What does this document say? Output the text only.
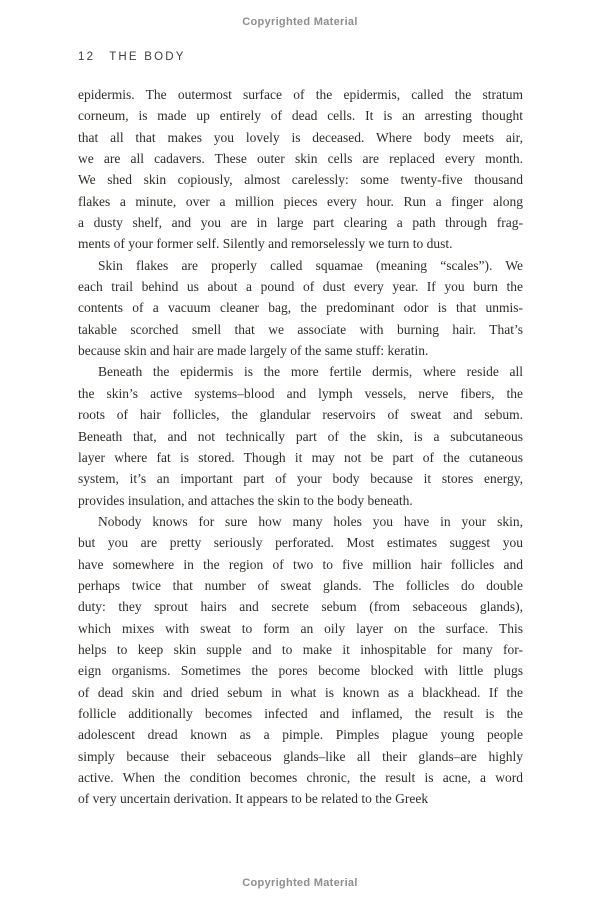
Copyrighted Material
12 THE BODY

epidermis. The outermost surface of the epidermis, called the stratum
corneum, is made up entirely of dead cells. It is an arresting thought
that all that makes you lovely is deceased. Where body meets air,
we are all cadavers. These outer skin cells are replaced every month.
We shed skin copiously, almost carelessly: some twenty-five thousand
flakes a minute, over a million pieces every hour. Run a finger along
a dusty shelf, and you are in large part clearing a path through frag-
ments of your former self. Silently and remorselessly we turn to dust.

Skin flakes are properly called squamae (meaning “scales”). We
each trail behind us about a pound of dust every year. If you burn the
contents of a vacuum cleaner bag, the predominant odor is that unmis-
takable scorched smell that we associate with burning hair. That’s
because skin and hair are made largely of the same stuff: keratin.

Beneath the epidermis is the more fertile dermis, where reside all
the skin’s active systems–blood and lymph vessels, nerve fibers, the
roots of hair follicles, the glandular reservoirs of sweat and sebum.
Beneath that, and not technically part of the skin, is a subcutaneous
layer where fat is stored. Though it may not be part of the cutaneous
system, it’s an important part of your body because it stores energy,
provides insulation, and attaches the skin to the body beneath.

Nobody knows for sure how many holes you have in your skin,
but you are pretty seriously perforated. Most estimates suggest you
have somewhere in the region of two to five million hair follicles and
perhaps twice that number of sweat glands. The follicles do double
duty: they sprout hairs and secrete sebum (from sebaceous glands),
which mixes with sweat to form an oily layer on the surface. This
helps to keep skin supple and to make it inhospitable for many for-
eign organisms. Sometimes the pores become blocked with little plugs
of dead skin and dried sebum in what is known as a blackhead. If the
follicle additionally becomes infected and inflamed, the result is the
adolescent dread known as a pimple. Pimples plague young people
simply because their sebaceous glands–like all their glands–are highly
active. When the condition becomes chronic, the result is acne, a word
of very uncertain derivation. It appears to be related to the Greek

Copyrighted Material
